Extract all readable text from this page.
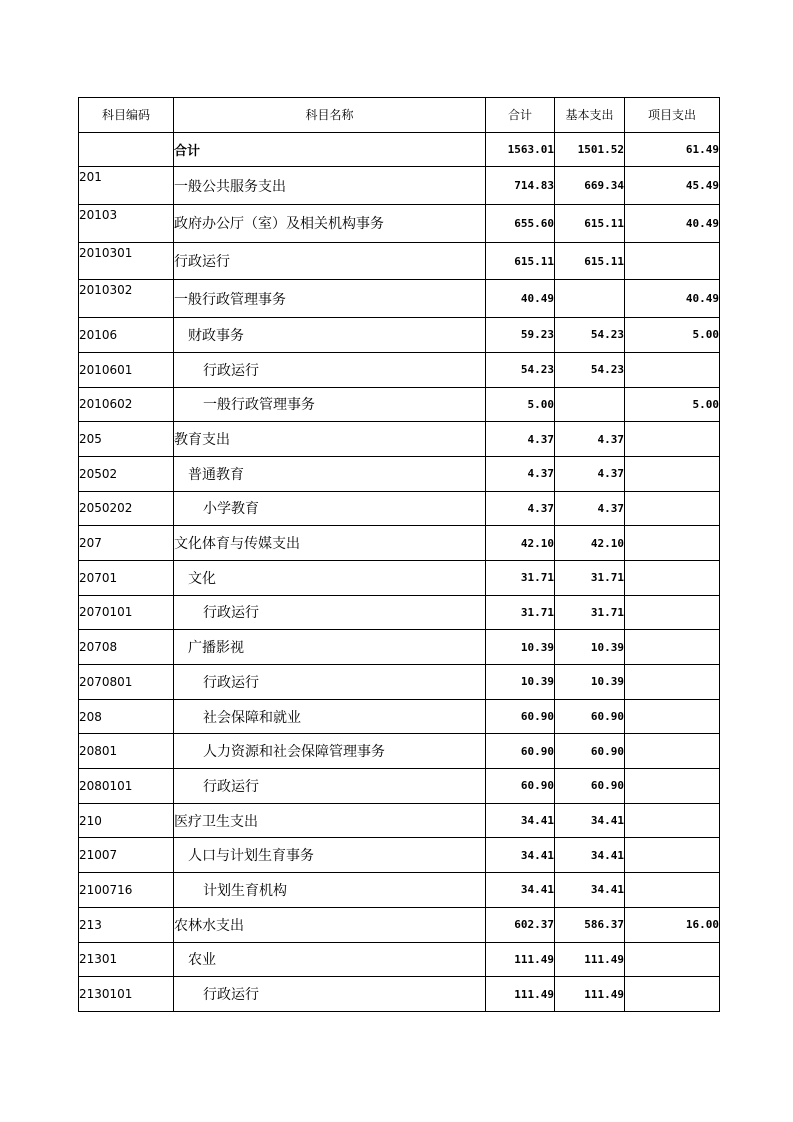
科目编码	科目名称	合计	基本支出	项目支出
	合计	1563.01	1501.52	61.49
201	一般公共服务支出	714.83	669.34	45.49
20103	政府办公厅（室）及相关机构事务	655.60	615.11	40.49
2010301	行政运行	615.11	615.11	
2010302	一般行政管理事务	40.49		40.49
20106	财政事务	59.23	54.23	5.00
2010601	行政运行	54.23	54.23	
2010602	一般行政管理事务	5.00		5.00
205	教育支出	4.37	4.37	
20502	普通教育	4.37	4.37	
2050202	小学教育	4.37	4.37	
207	文化体育与传媒支出	42.10	42.10	
20701	文化	31.71	31.71	
2070101	行政运行	31.71	31.71	
20708	广播影视	10.39	10.39	
2070801	行政运行	10.39	10.39	
208	社会保障和就业	60.90	60.90	
20801	人力资源和社会保障管理事务	60.90	60.90	
2080101	行政运行	60.90	60.90	
210	医疗卫生支出	34.41	34.41	
21007	人口与计划生育事务	34.41	34.41	
2100716	计划生育机构	34.41	34.41	
213	农林水支出	602.37	586.37	16.00
21301	农业	111.49	111.49	
2130101	行政运行	111.49	111.49	
